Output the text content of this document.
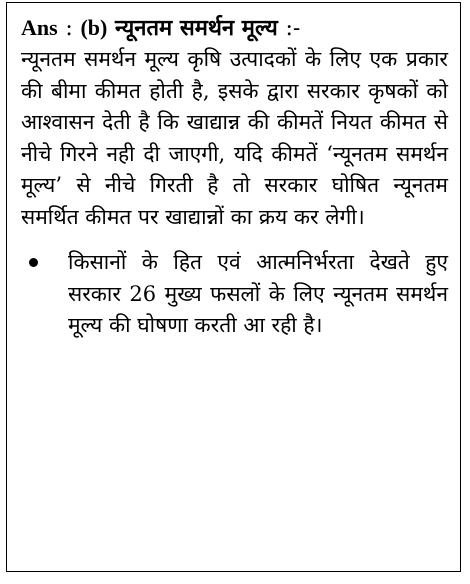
Ans : (b) न्यूनतम समर्थन मूल्य :-

न्यूनतम समर्थन मूल्य कृषि उत्पादकों के लिए एक प्रकार की बीमा कीमत होती है, इसके द्वारा सरकार कृषकों को आश्वासन देती है कि खाद्यान्न की कीमतें नियत कीमत से नीचे गिरने नही दी जाएगी, यदि कीमतें ‘न्यूनतम समर्थन मूल्य’ से नीचे गिरती है तो सरकार घोषित न्यूनतम समर्थित कीमत पर खाद्यान्नों का क्रय कर लेगी।

किसानों के हित एवं आत्मनिर्भरता देखते हुए सरकार 26 मुख्य फसलों के लिए न्यूनतम समर्थन मूल्य की घोषणा करती आ रही है।
